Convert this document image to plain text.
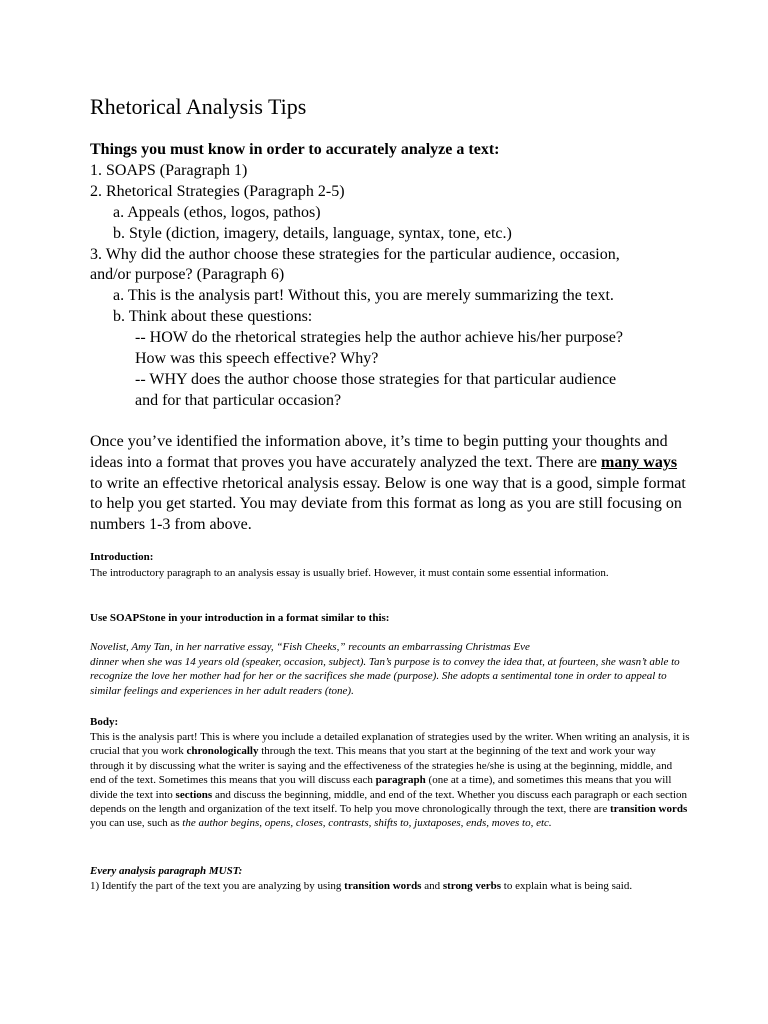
Rhetorical Analysis Tips

Things you must know in order to accurately analyze a text:

1. SOAPS (Paragraph 1)

2. Rhetorical Strategies (Paragraph 2-5)

a. Appeals (ethos, logos, pathos)

b. Style (diction, imagery, details, language, syntax, tone, etc.)

3. Why did the author choose these strategies for the particular audience, occasion,

and/or purpose? (Paragraph 6)

a. This is the analysis part! Without this, you are merely summarizing the text.

b. Think about these questions:

-- HOW do the rhetorical strategies help the author achieve his/her purpose?

How was this speech effective? Why?

-- WHY does the author choose those strategies for that particular audience

and for that particular occasion?

Once you’ve identified the information above, it’s time to begin putting your thoughts and ideas into a format that proves you have accurately analyzed the text. There are many ways to write an effective rhetorical analysis essay. Below is one way that is a good, simple format to help you get started. You may deviate from this format as long as you are still focusing on numbers 1-3 from above.

Introduction:

The introductory paragraph to an analysis essay is usually brief. However, it must contain some essential information.

Use SOAPStone in your introduction in a format similar to this:

Novelist, Amy Tan, in her narrative essay, “Fish Cheeks,” recounts an embarrassing Christmas Eve

dinner when she was 14 years old (speaker, occasion, subject). Tan’s purpose is to convey the idea that, at fourteen, she wasn’t able to recognize the love her mother had for her or the sacrifices she made (purpose). She adopts a sentimental tone in order to appeal to similar feelings and experiences in her adult readers (tone).

Body:

This is the analysis part! This is where you include a detailed explanation of strategies used by the writer. When writing an analysis, it is crucial that you work chronologically through the text. This means that you start at the beginning of the text and work your way through it by discussing what the writer is saying and the effectiveness of the strategies he/she is using at the beginning, middle, and end of the text. Sometimes this means that you will discuss each paragraph (one at a time), and sometimes this means that you will divide the text into sections and discuss the beginning, middle, and end of the text. Whether you discuss each paragraph or each section depends on the length and organization of the text itself. To help you move chronologically through the text, there are transition words you can use, such as the author begins, opens, closes, contrasts, shifts to, juxtaposes, ends, moves to, etc.

Every analysis paragraph MUST:

1) Identify the part of the text you are analyzing by using transition words and strong verbs to explain what is being said.
